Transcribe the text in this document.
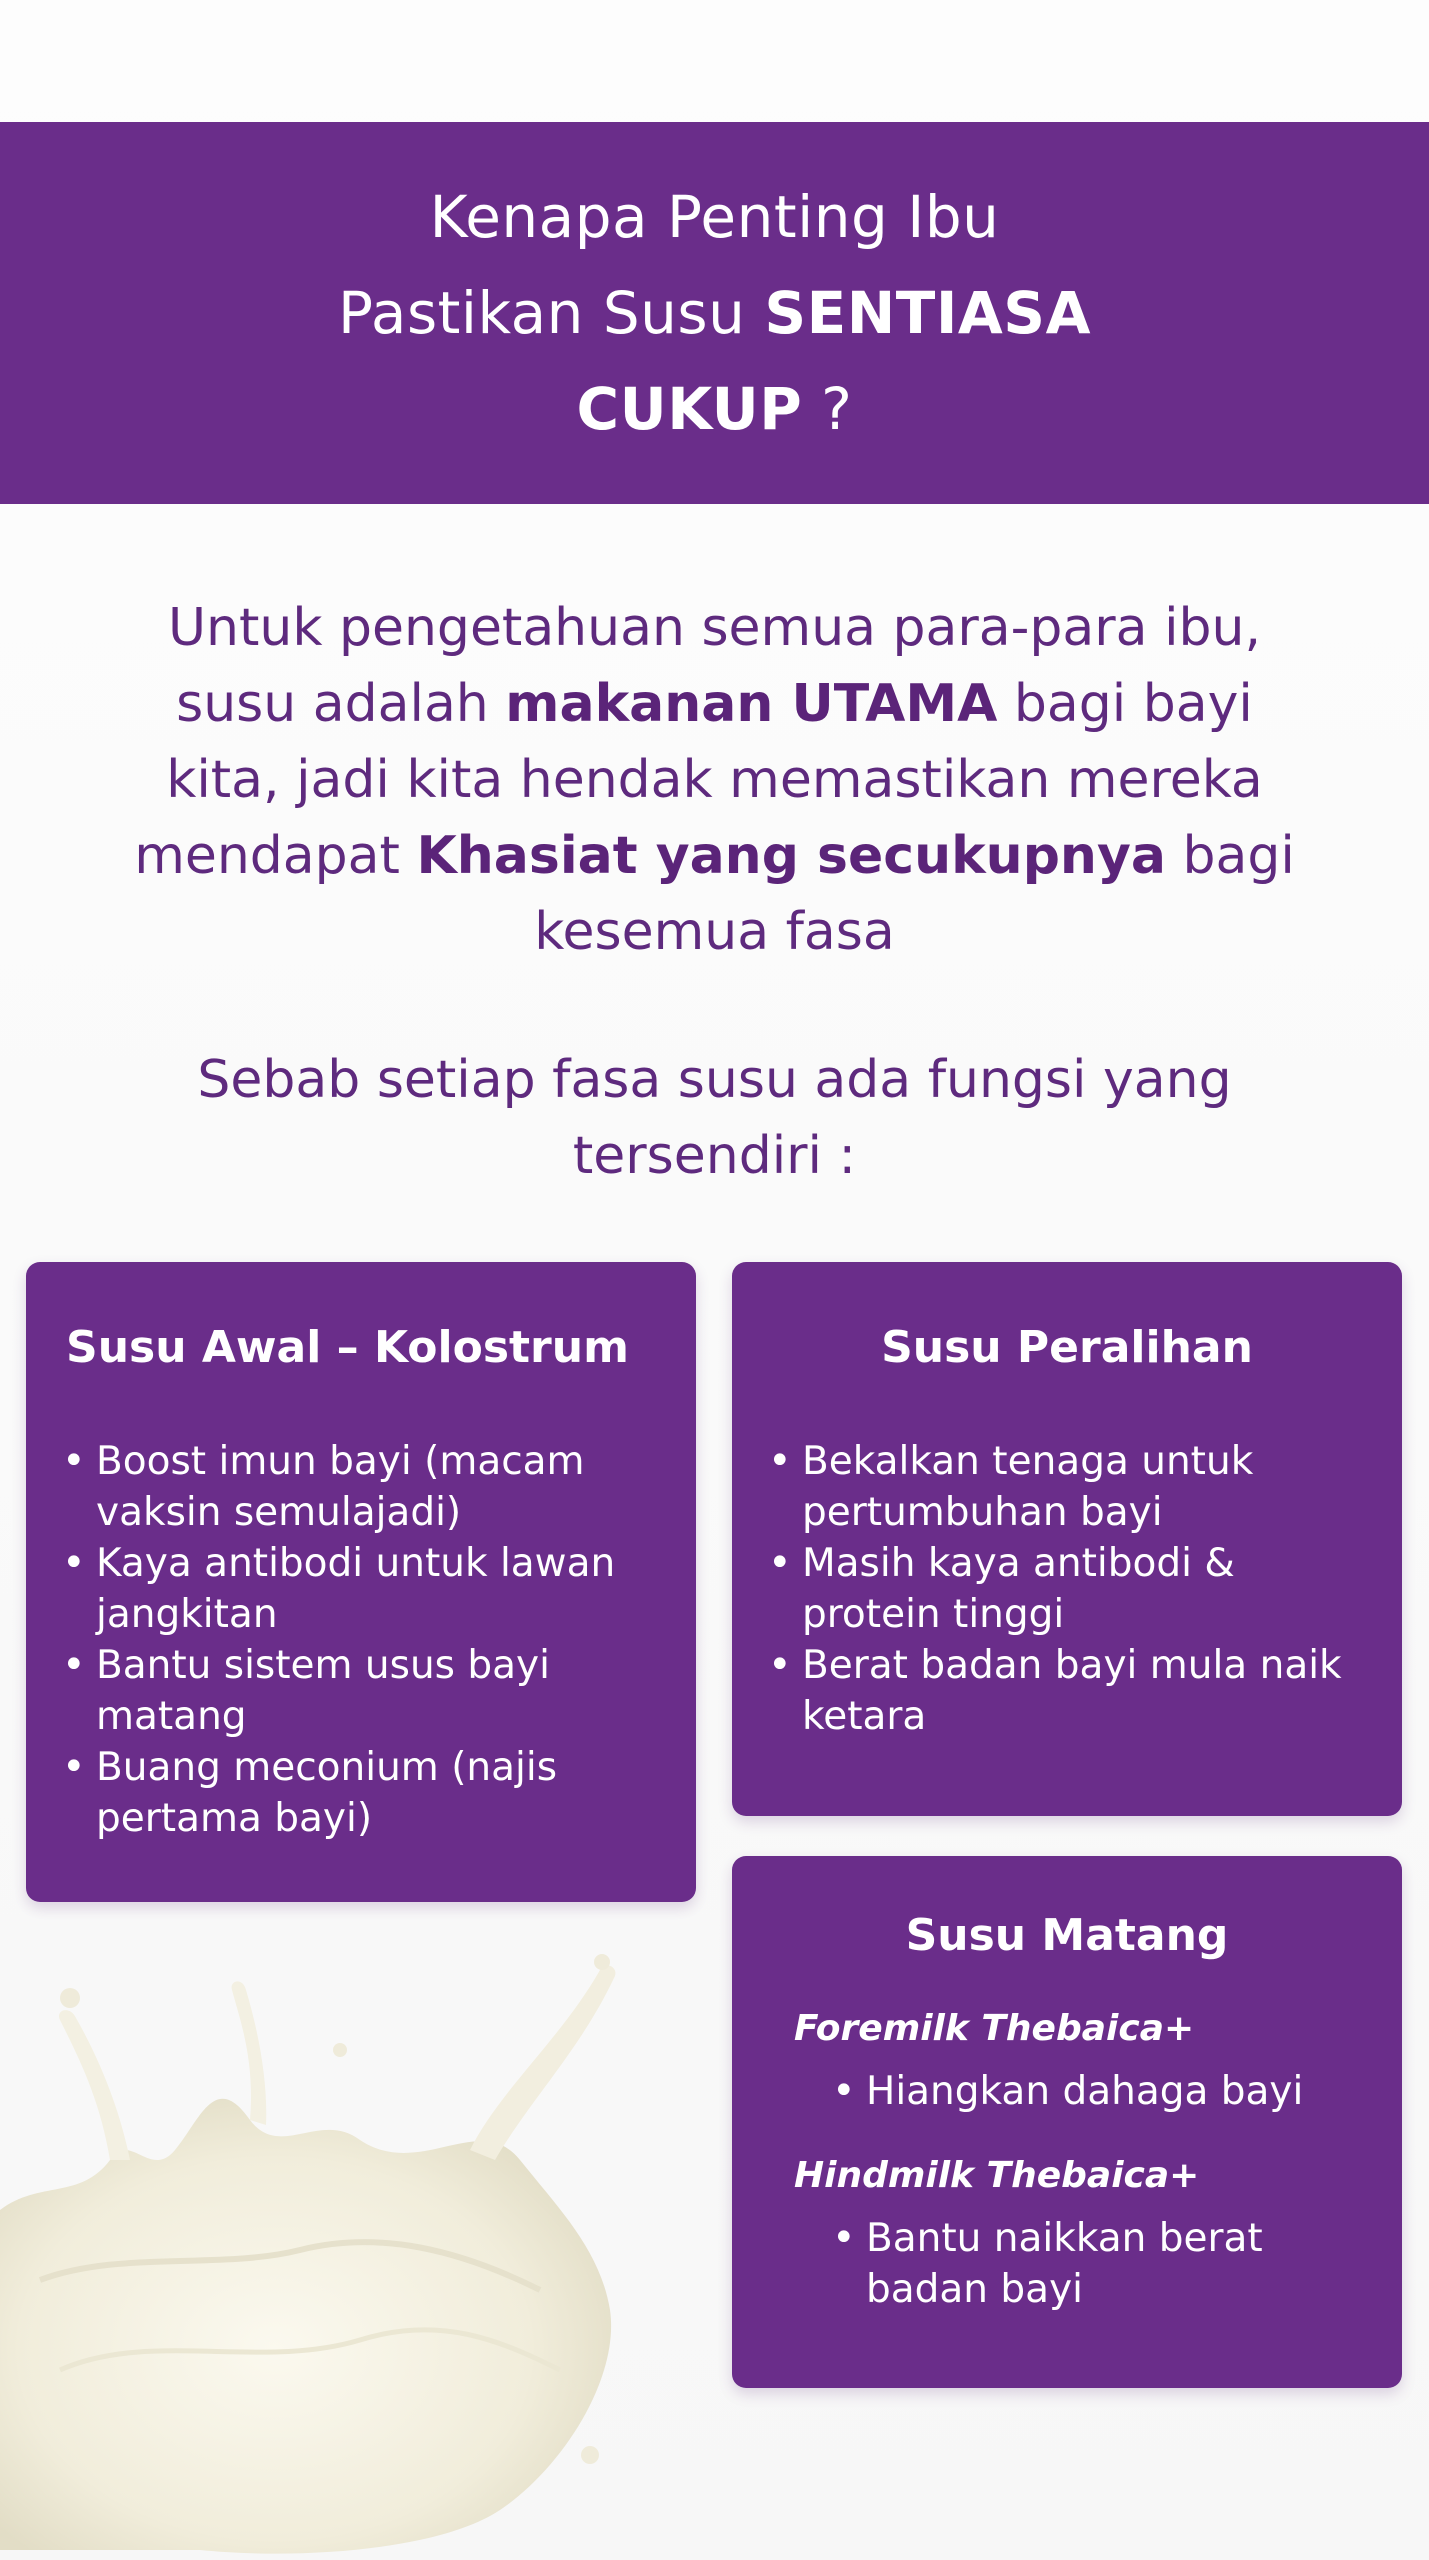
Kenapa Penting Ibu
Pastikan Susu SENTIASA
CUKUP ?
Untuk pengetahuan semua para-para ibu,
susu adalah makanan UTAMA bagi bayi
kita, jadi kita hendak memastikan mereka
mendapat Khasiat yang secukupnya bagi
kesemua fasa
Sebab setiap fasa susu ada fungsi yang
tersendiri :
Susu Awal – Kolostrum
• Boost imun bayi (macam vaksin semulajadi)
• Kaya antibodi untuk lawan jangkitan
• Bantu sistem usus bayi matang
• Buang meconium (najis pertama bayi)
Susu Peralihan
• Bekalkan tenaga untuk pertumbuhan bayi
• Masih kaya antibodi & protein tinggi
• Berat badan bayi mula naik ketara
Susu Matang
Foremilk Thebaica+
• Hiangkan dahaga bayi
Hindmilk Thebaica+
• Bantu naikkan berat badan bayi
